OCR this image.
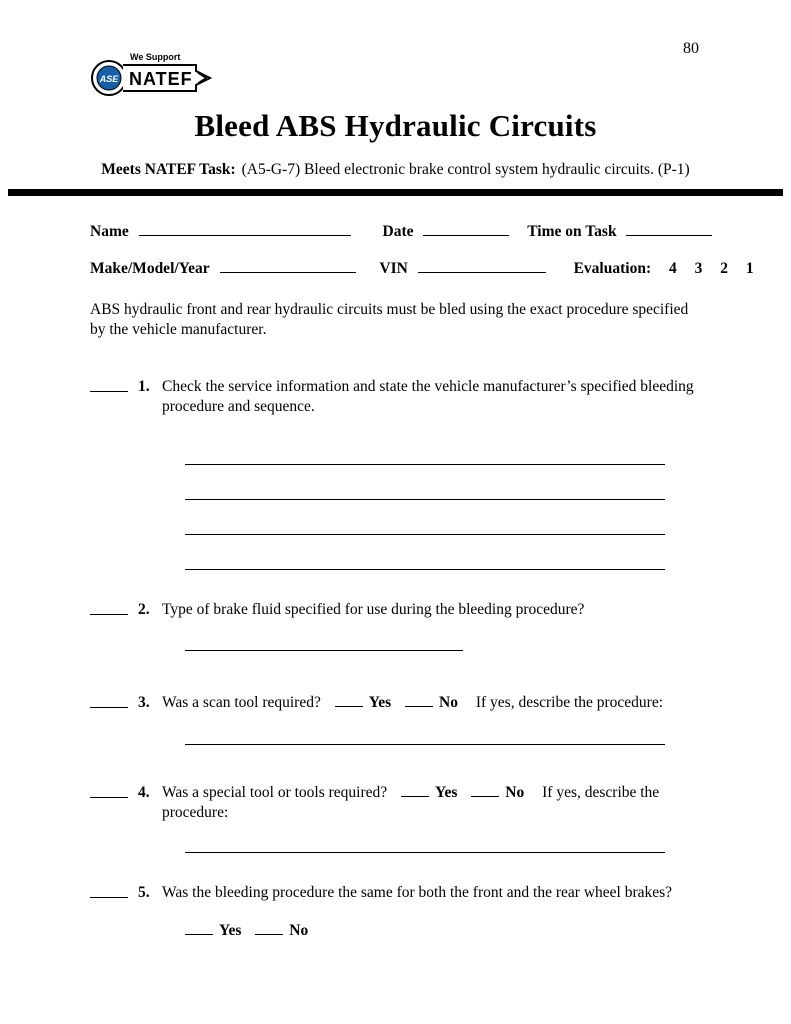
80
ASE
We Support
NATEF
Bleed ABS Hydraulic Circuits
Meets NATEF Task: (A5-G-7) Bleed electronic brake control system hydraulic circuits. (P-1)
Name	Date	Time on Task
Make/Model/Year	VIN	Evaluation: 4 3 2 1
ABS hydraulic front and rear hydraulic circuits must be bled using the exact procedure specified by the vehicle manufacturer.
1. Check the service information and state the vehicle manufacturer’s specified bleeding procedure and sequence.
2. Type of brake fluid specified for use during the bleeding procedure?
3. Was a scan tool required?	Yes	No If yes, describe the procedure:
4. Was a special tool or tools required?	Yes	No If yes, describe the procedure:
5. Was the bleeding procedure the same for both the front and the rear wheel brakes?
Yes	No
